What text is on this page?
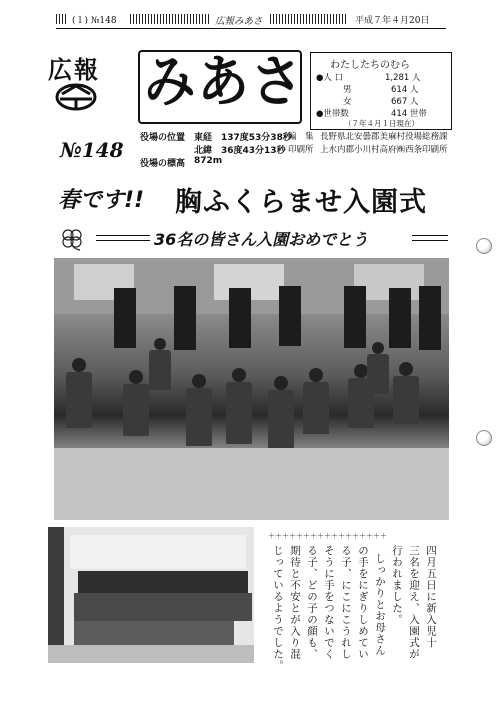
(１) №148	広報みあさ	平成７年４月20日
広報 みあさ
№148
わたしたちのむら
●人 口	1,281 人
男	614 人
女	667 人
●世帯数	414 世帯
（７年４月１日現在）
役場の位置 東経　137度53分38秒
北緯　36度43分13秒
役場の標高 872m
編　集 長野県北安曇郡美麻村役場総務課
印刷所 上水内郡小川村高府㈱西条印刷所
春です!! 胸ふくらませ入園式
36名の皆さん入園おめでとう
＋＋＋＋＋＋＋＋＋＋＋＋＋＋＋＋＋
四月五日に新入児十
三名を迎え、入園式が
行われました。
しっかりとお母さん
の手をにぎりしめてい
る子、にこにこうれし
そうに手をつないでく
る子、どの子の顔も、
期待と不安とが入り混
じっているようでした。
